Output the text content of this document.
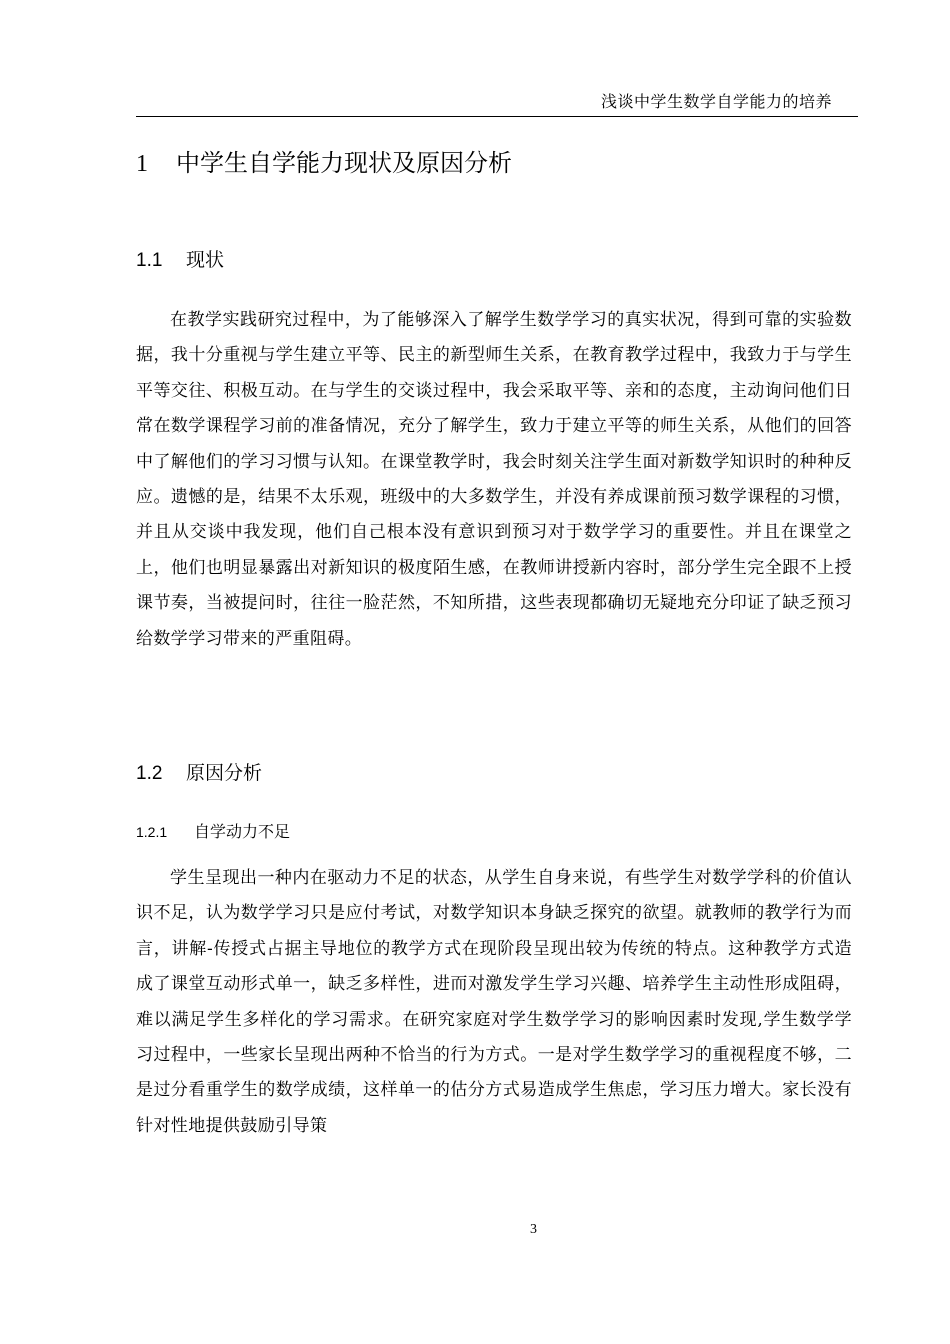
浅谈中学生数学自学能力的培养
1 中学生自学能力现状及原因分析
1.1 现状

在教学实践研究过程中，为了能够深入了解学生数学学习的真实状况，得到可靠的实验数据，我十分重视与学生建立平等、民主的新型师生关系，在教育教学过程中，我致力于与学生平等交往、积极互动。在与学生的交谈过程中，我会采取平等、亲和的态度，主动询问他们日常在数学课程学习前的准备情况，充分了解学生，致力于建立平等的师生关系，从他们的回答中了解他们的学习习惯与认知。在课堂教学时，我会时刻关注学生面对新数学知识时的种种反应。遗憾的是，结果不太乐观，班级中的大多数学生，并没有养成课前预习数学课程的习惯，并且从交谈中我发现，他们自己根本没有意识到预习对于数学学习的重要性。并且在课堂之上，他们也明显暴露出对新知识的极度陌生感，在教师讲授新内容时，部分学生完全跟不上授课节奏，当被提问时，往往一脸茫然，不知所措，这些表现都确切无疑地充分印证了缺乏预习给数学学习带来的严重阻碍。

1.2 原因分析
1.2.1 自学动力不足

学生呈现出一种内在驱动力不足的状态，从学生自身来说，有些学生对数学学科的价值认识不足，认为数学学习只是应付考试，对数学知识本身缺乏探究的欲望。就教师的教学行为而言，讲解-传授式占据主导地位的教学方式在现阶段呈现出较为传统的特点。这种教学方式造成了课堂互动形式单一，缺乏多样性，进而对激发学生学习兴趣、培养学生主动性形成阻碍，难以满足学生多样化的学习需求。在研究家庭对学生数学学习的影响因素时发现,学生数学学习过程中，一些家长呈现出两种不恰当的行为方式。一是对学生数学学习的重视程度不够，二是过分看重学生的数学成绩，这样单一的估分方式易造成学生焦虑，学习压力增大。家长没有针对性地提供鼓励引导策

3
